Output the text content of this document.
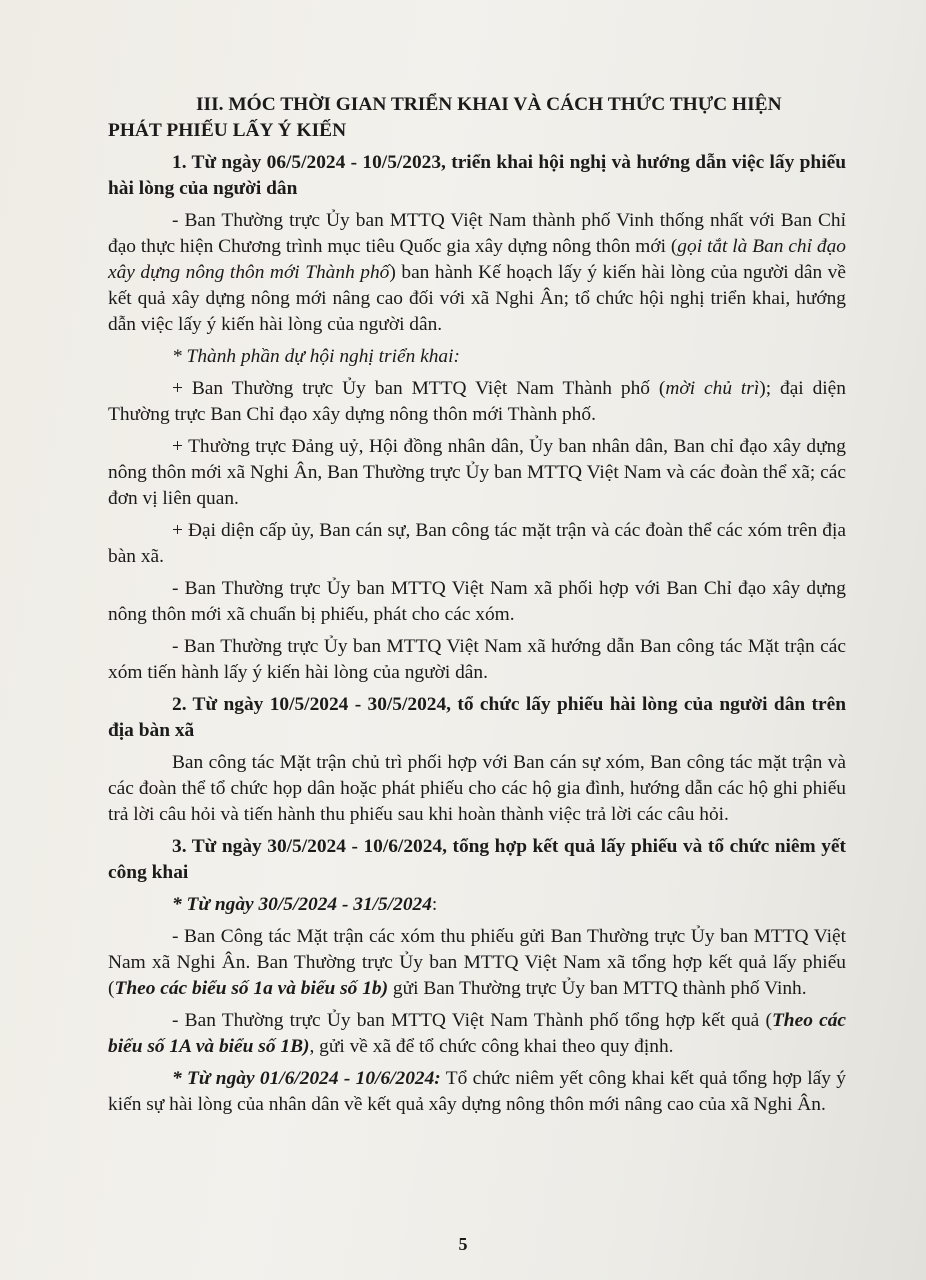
III. MÓC THỜI GIAN TRIỂN KHAI VÀ CÁCH THỨC THỰC HIỆN

PHÁT PHIẾU LẤY Ý KIẾN

1. Từ ngày 06/5/2024 - 10/5/2023, triển khai hội nghị và hướng dẫn việc lấy phiếu hài lòng của người dân

- Ban Thường trực Ủy ban MTTQ Việt Nam thành phố Vinh thống nhất với Ban Chỉ đạo thực hiện Chương trình mục tiêu Quốc gia xây dựng nông thôn mới (gọi tắt là Ban chỉ đạo xây dựng nông thôn mới Thành phố) ban hành Kế hoạch lấy ý kiến hài lòng của người dân về kết quả xây dựng nông mới nâng cao đối với xã Nghi Ân; tổ chức hội nghị triển khai, hướng dẫn việc lấy ý kiến hài lòng của người dân.

* Thành phần dự hội nghị triển khai:

+ Ban Thường trực Ủy ban MTTQ Việt Nam Thành phố (mời chủ trì); đại diện Thường trực Ban Chỉ đạo xây dựng nông thôn mới Thành phố.

+ Thường trực Đảng uỷ, Hội đồng nhân dân, Ủy ban nhân dân, Ban chỉ đạo xây dựng nông thôn mới xã Nghi Ân, Ban Thường trực Ủy ban MTTQ Việt Nam và các đoàn thể xã; các đơn vị liên quan.

+ Đại diện cấp ủy, Ban cán sự, Ban công tác mặt trận và các đoàn thể các xóm trên địa bàn xã.

- Ban Thường trực Ủy ban MTTQ Việt Nam xã phối hợp với Ban Chỉ đạo xây dựng nông thôn mới xã chuẩn bị phiếu, phát cho các xóm.

- Ban Thường trực Ủy ban MTTQ Việt Nam xã hướng dẫn Ban công tác Mặt trận các xóm tiến hành lấy ý kiến hài lòng của người dân.

2. Từ ngày 10/5/2024 - 30/5/2024, tổ chức lấy phiếu hài lòng của người dân trên địa bàn xã

Ban công tác Mặt trận chủ trì phối hợp với Ban cán sự xóm, Ban công tác mặt trận và các đoàn thể tổ chức họp dân hoặc phát phiếu cho các hộ gia đình, hướng dẫn các hộ ghi phiếu trả lời câu hỏi và tiến hành thu phiếu sau khi hoàn thành việc trả lời các câu hỏi.

3. Từ ngày 30/5/2024 - 10/6/2024, tổng hợp kết quả lấy phiếu và tổ chức niêm yết công khai

* Từ ngày 30/5/2024 - 31/5/2024:

- Ban Công tác Mặt trận các xóm thu phiếu gửi Ban Thường trực Ủy ban MTTQ Việt Nam xã Nghi Ân. Ban Thường trực Ủy ban MTTQ Việt Nam xã tổng hợp kết quả lấy phiếu (Theo các biểu số 1a và biểu số 1b) gửi Ban Thường trực Ủy ban MTTQ thành phố Vinh.

- Ban Thường trực Ủy ban MTTQ Việt Nam Thành phố tổng hợp kết quả (Theo các biểu số 1A và biểu số 1B), gửi về xã để tổ chức công khai theo quy định.

* Từ ngày 01/6/2024 - 10/6/2024: Tổ chức niêm yết công khai kết quả tổng hợp lấy ý kiến sự hài lòng của nhân dân về kết quả xây dựng nông thôn mới nâng cao của xã Nghi Ân.

5
